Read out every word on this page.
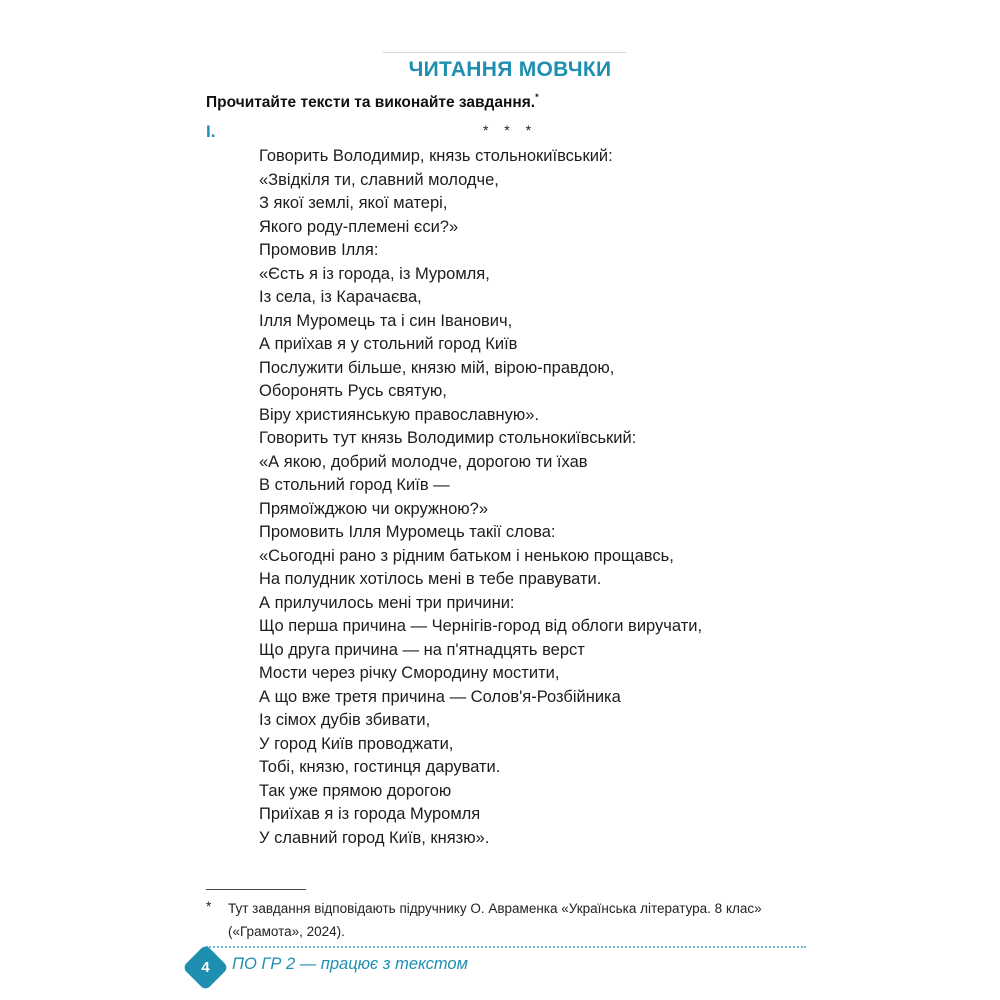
ЧИТАННЯ МОВЧКИ
Прочитайте тексти та виконайте завдання.*
І.	* * *
Говорить Володимир, князь стольнокиївський:
«Звідкіля ти, славний молодче,
З якої землі, якої матері,
Якого роду-племені єси?»
Промовив Ілля:
«Єсть я із города, із Муромля,
Із села, із Карачаєва,
Ілля Муромець та і син Іванович,
А приїхав я у стольний город Київ
Послужити більше, князю мій, вірою-правдою,
Оборонять Русь святую,
Віру християнськую православную».
Говорить тут князь Володимир стольнокиївський:
«А якою, добрий молодче, дорогою ти їхав
В стольний город Київ —
Прямоїжджою чи окружною?»
Промовить Ілля Муромець такії слова:
«Сьогодні рано з рідним батьком і ненькою прощавсь,
На полудник хотілось мені в тебе правувати.
А прилучилось мені три причини:
Що перша причина — Чернігів-город від облоги виручати,
Що друга причина — на п'ятнадцять верст
Мости через річку Смородину мостити,
А що вже третя причина — Солов'я-Розбійника
Із сімох дубів збивати,
У город Київ проводжати,
Тобі, князю, гостинця дарувати.
Так уже прямою дорогою
Приїхав я із города Муромля
У славний город Київ, князю».
* Тут завдання відповідають підручнику О. Авраменка «Українська література. 8 клас» («Грамота», 2024).
4	ПО ГР 2 — працює з текстом
